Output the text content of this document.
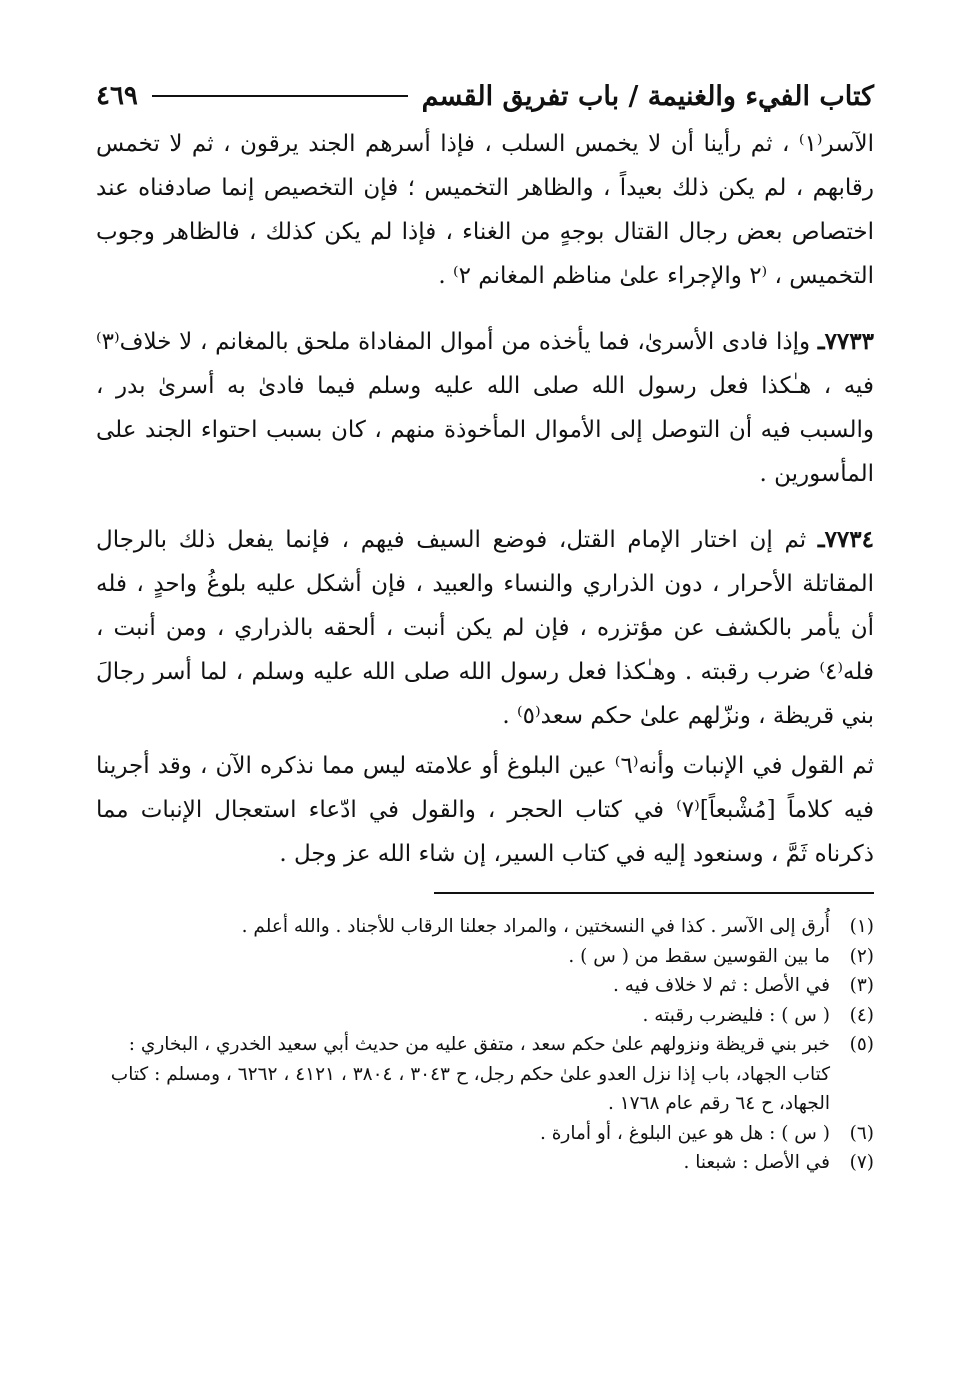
كتاب الفيء والغنيمة / باب تفريق القسم
٤٦٩

الآسر⁽١⁾ ، ثم رأينا أن لا يخمس السلب ، فإذا أسرهم الجند يرقون ، ثم لا تخمس رقابهم ، لم يكن ذلك بعيداً ، والظاهر التخميس ؛ فإن التخصيص إنما صادفناه عند اختصاص بعض رجال القتال بوجهٍ من الغناء ، فإذا لم يكن كذلك ، فالظاهر وجوب التخميس ، ⁽٢ والإجراء علىٰ مناظم المغانم ٢⁾ .

٧٧٣٣ـ وإذا فادى الأسرىٰ، فما يأخذه من أموال المفاداة ملحق بالمغانم ، لا خلاف⁽٣⁾ فيه ، هـٰكذا فعل رسول الله صلى الله عليه وسلم فيما فادىٰ به أسرىٰ بدر ، والسبب فيه أن التوصل إلى الأموال المأخوذة منهم ، كان بسبب احتواء الجند على المأسورين .

٧٧٣٤ـ ثم إن اختار الإمام القتل، فوضع السيف فيهم ، فإنما يفعل ذلك بالرجال المقاتلة الأحرار ، دون الذراري والنساء والعبيد ، فإن أشكل عليه بلوغُ واحدٍ ، فله أن يأمر بالكشف عن مؤتزره ، فإن لم يكن أنبت ، ألحقه بالذراري ، ومن أنبت ، فله⁽٤⁾ ضرب رقبته . وهـٰكذا فعل رسول الله صلى الله عليه وسلم ، لما أسر رجالَ بني قريظة ، ونزّلهم علىٰ حكم سعد⁽٥⁾ .

ثم القول في الإنبات وأنه⁽٦⁾ عين البلوغ أو علامته ليس مما نذكره الآن ، وقد أجرينا فيه كلاماً [مُشْبعاً]⁽٧⁾ في كتاب الحجر ، والقول في ادّعاء استعجال الإنبات مما ذكرناه ثَمَّ ، وسنعود إليه في كتاب السير، إن شاء الله عز وجل .

(١)
أُرق إلى الآسر . كذا في النسختين ، والمراد جعلنا الرقاب للأجناد . والله أعلم .
(٢)
ما بين القوسين سقط من ( س ) .
(٣)
في الأصل : ثم لا خلاف فيه .
(٤)
( س ) : فليضرب رقبته .
(٥)
خبر بني قريظة ونزولهم علىٰ حكم سعد ، متفق عليه من حديث أبي سعيد الخدري ، البخاري : كتاب الجهاد، باب إذا نزل العدو علىٰ حكم رجل، ح ٣٠٤٣ ، ٣٨٠٤ ، ٤١٢١ ، ٦٢٦٢ ، ومسلم : كتاب الجهاد، ح ٦٤ رقم عام ١٧٦٨ .
(٦)
( س ) : هل هو عين البلوغ ، أو أمارة .
(٧)
في الأصل : شبعنا .
